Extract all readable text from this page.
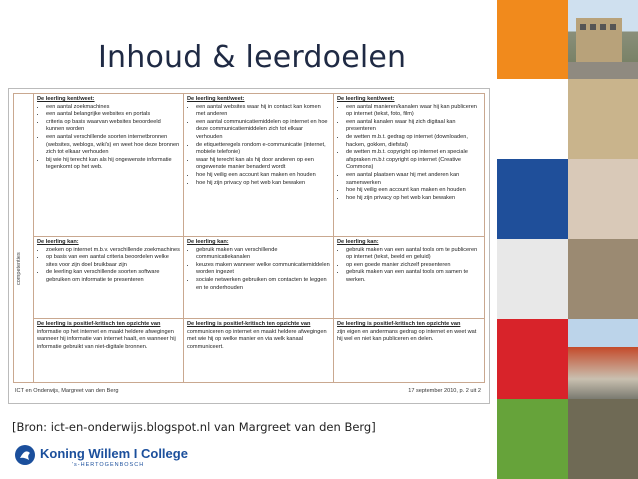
Inhoud & leerdoelen
competenties
De leerling kent/weet:
• een aantal zoekmachines
• een aantal belangrijke websites en portals
• criteria op basis waarvan websites beoordeeld kunnen worden
• een aantal verschillende soorten internetbronnen (websites, weblogs, wiki's) en weet hoe deze bronnen zich tot elkaar verhouden
• bij wie hij terecht kan als hij ongewenste informatie tegenkomt op het web.
De leerling kent/weet:
• een aantal websites waar hij in contact kan komen met anderen
• een aantal communicatiemiddelen op internet en hoe deze communicatiemiddelen zich tot elkaar verhouden
• de etiquetteregels rondom e-communicatie (internet, mobiele telefonie)
• waar hij terecht kan als hij door anderen op een ongewenste manier benaderd wordt
• hoe hij veilig een account kan maken en houden
• hoe hij zijn privacy op het web kan bewaken
De leerling kent/weet:
• een aantal manieren/kanalen waar hij kan publiceren op internet (tekst, foto, film)
• een aantal kanalen waar hij zich digitaal kan presenteren
• de wetten m.b.t. gedrag op internet (downloaden, hacken, gokken, diefstal)
• de wetten m.b.t. copyright op internet en speciale afspraken m.b.t copyright op internet (Creative Commons)
• een aantal plaatsen waar hij met anderen kan samenwerken
• hoe hij veilig een account kan maken en houden
• hoe hij zijn privacy op het web kan bewaken
De leerling kan:
• zoeken op internet m.b.v. verschillende zoekmachines
• op basis van een aantal criteria beoordelen welke sites voor zijn doel bruikbaar zijn
• de leerling kan verschillende soorten software gebruiken om informatie te presenteren
De leerling kan:
• gebruik maken van verschillende communicatiekanalen
• keuzes maken wanneer welke communicatiemiddelen worden ingezet
• sociale netwerken gebruiken om contacten te leggen en te onderhouden
De leerling kan:
• gebruik maken van een aantal tools om te publiceren op internet (tekst, beeld en geluid)
• op een goede manier zichzelf presenteren
• gebruik maken van een aantal tools om samen te werken.
De leerling is positief-kritisch ten opzichte van
informatie op het internet en maakt heldere afwegingen wanneer hij informatie van internet haalt, en wanneer hij informatie gebruikt van niet-digitale bronnen.
De leerling is positief-kritisch ten opzichte van
communiceren op internet en maakt heldere afwegingen met wie hij op welke manier en via welk kanaal communiceert.
De leerling is positief-kritisch ten opzichte van
zijn eigen en andermans gedrag op internet en weet wat hij wel en niet kan publiceren en delen.
ICT en Onderwijs, Margreet van den Berg	17 september 2010, p. 2 uit 2
[Bron: ict-en-onderwijs.blogspot.nl van Margreet van den Berg]
Koning Willem I College
's-HERTOGENBOSCH
